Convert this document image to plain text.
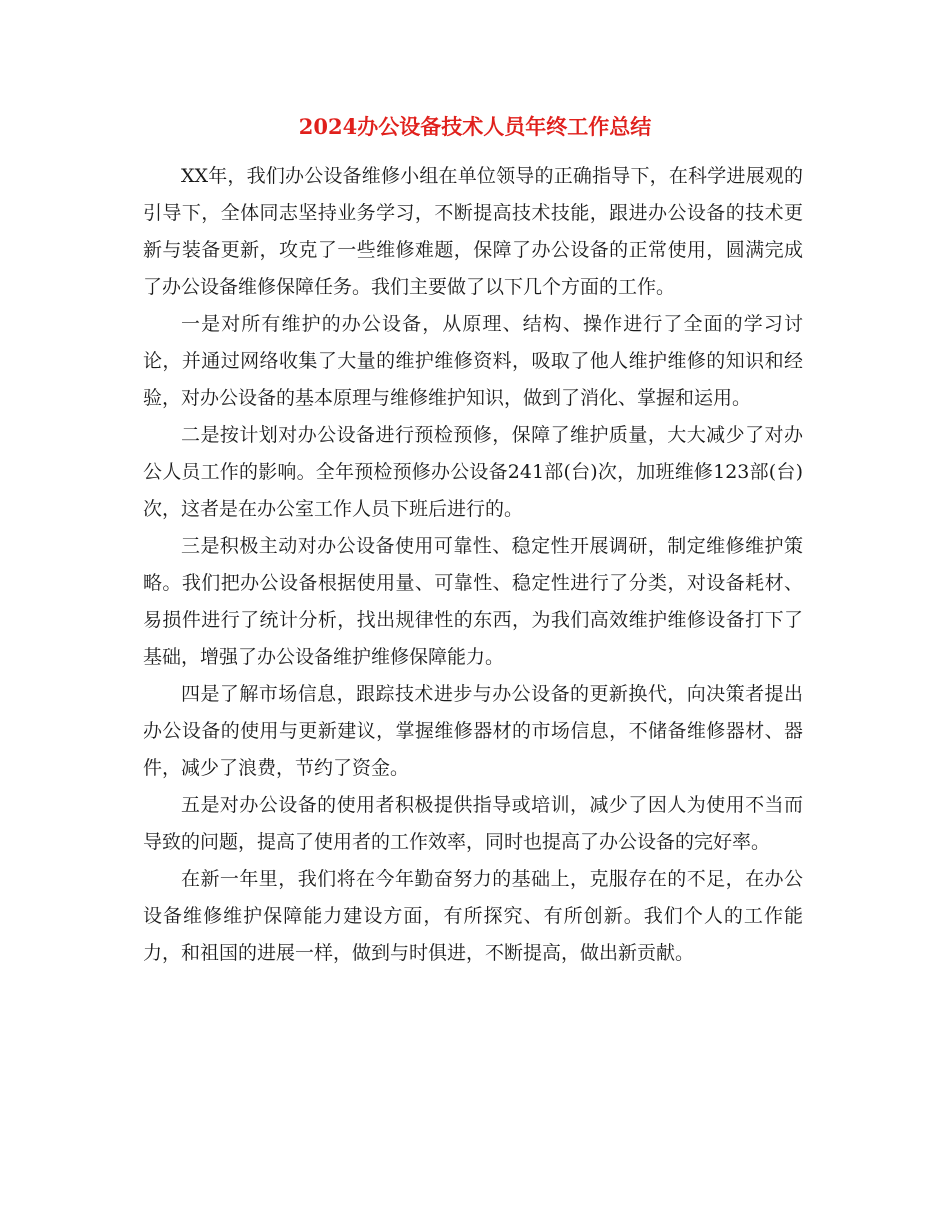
2024办公设备技术人员年终工作总结

XX年，我们办公设备维修小组在单位领导的正确指导下，在科学进展观的引导下，全体同志坚持业务学习，不断提高技术技能，跟进办公设备的技术更新与装备更新，攻克了一些维修难题，保障了办公设备的正常使用，圆满完成了办公设备维修保障任务。我们主要做了以下几个方面的工作。

一是对所有维护的办公设备，从原理、结构、操作进行了全面的学习讨论，并通过网络收集了大量的维护维修资料，吸取了他人维护维修的知识和经验，对办公设备的基本原理与维修维护知识，做到了消化、掌握和运用。

二是按计划对办公设备进行预检预修，保障了维护质量，大大减少了对办公人员工作的影响。全年预检预修办公设备241部(台)次，加班维修123部(台)次，这者是在办公室工作人员下班后进行的。

三是积极主动对办公设备使用可靠性、稳定性开展调研，制定维修维护策略。我们把办公设备根据使用量、可靠性、稳定性进行了分类，对设备耗材、易损件进行了统计分析，找出规律性的东西，为我们高效维护维修设备打下了基础，增强了办公设备维护维修保障能力。

四是了解市场信息，跟踪技术进步与办公设备的更新换代，向决策者提出办公设备的使用与更新建议，掌握维修器材的市场信息，不储备维修器材、器件，减少了浪费，节约了资金。

五是对办公设备的使用者积极提供指导或培训，减少了因人为使用不当而导致的问题，提高了使用者的工作效率，同时也提高了办公设备的完好率。

在新一年里，我们将在今年勤奋努力的基础上，克服存在的不足，在办公设备维修维护保障能力建设方面，有所探究、有所创新。我们个人的工作能力，和祖国的进展一样，做到与时俱进，不断提高，做出新贡献。
